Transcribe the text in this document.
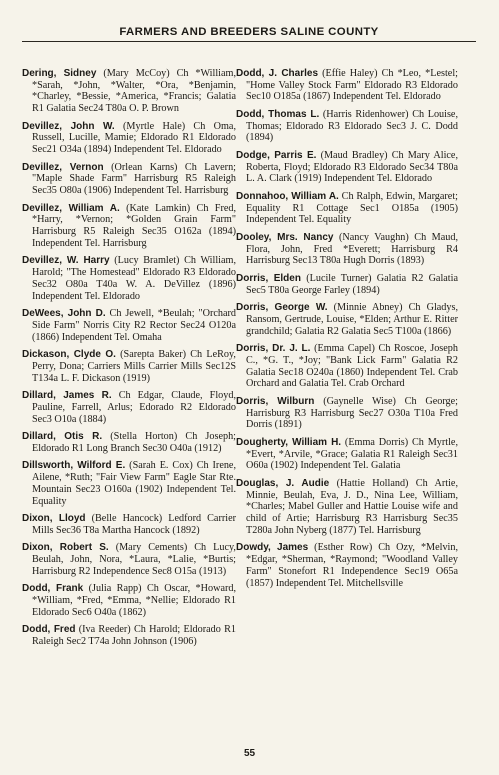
FARMERS AND BREEDERS SALINE COUNTY

Dering, Sidney (Mary McCoy) Ch *William, *Sarah, *John, *Walter, *Ora, *Benjamin, *Charley, *Bessie, *America, *Francis; Galatia R1 Galatia Sec24 T80a O. P. Brown

Devillez, John W. (Myrtle Hale) Ch Oma, Russell, Lucille, Mamie; Eldorado R1 Eldorado Sec21 O34a (1894) Independent Tel. Eldorado

Devillez, Vernon (Orlean Karns) Ch Lavern; "Maple Shade Farm" Harrisburg R5 Raleigh Sec35 O80a (1906) Independent Tel. Harrisburg

Devillez, William A. (Kate Lamkin) Ch Fred, *Harry, *Vernon; *Golden Grain Farm" Harrisburg R5 Raleigh Sec35 O162a (1894) Independent Tel. Harrisburg

Devillez, W. Harry (Lucy Bramlet) Ch William, Harold; "The Homestead" Eldorado R3 Eldorado Sec32 O80a T40a W. A. DeVillez (1896) Independent Tel. Eldorado

DeWees, John D. Ch Jewell, *Beulah; "Orchard Side Farm" Norris City R2 Rector Sec24 O120a (1866) Independent Tel. Omaha

Dickason, Clyde O. (Sarepta Baker) Ch LeRoy, Perry, Dona; Carriers Mills Carrier Mills Sec12S T134a L. F. Dickason (1919)

Dillard, James R. Ch Edgar, Claude, Floyd, Pauline, Farrell, Arlus; Edorado R2 Eldorado Sec3 O10a (1884)

Dillard, Otis R. (Stella Horton) Ch Joseph; Eldorado R1 Long Branch Sec30 O40a (1912)

Dillsworth, Wilford E. (Sarah E. Cox) Ch Irene, Ailene, *Ruth; "Fair View Farm" Eagle Star Rte. Mountain Sec23 O160a (1902) Independent Tel. Equality

Dixon, Lloyd (Belle Hancock) Ledford Carrier Mills Sec36 T8a Martha Hancock (1892)

Dixon, Robert S. (Mary Cements) Ch Lucy, Beulah, John, Nora, *Laura, *Lalie, *Burtis; Harrisburg R2 Independence Sec8 O15a (1913)

Dodd, Frank (Julia Rapp) Ch Oscar, *Howard, *William, *Fred, *Emma, *Nellie; Eldorado R1 Eldorado Sec6 O40a (1862)

Dodd, Fred (Iva Reeder) Ch Harold; Eldorado R1 Raleigh Sec2 T74a John Johnson (1906)

Dodd, J. Charles (Effie Haley) Ch *Leo, *Lestel; "Home Valley Stock Farm" Eldorado R3 Eldorado Sec10 O185a (1867) Independent Tel. Eldorado

Dodd, Thomas L. (Harris Ridenhower) Ch Louise, Thomas; Eldorado R3 Eldorado Sec3 J. C. Dodd (1894)

Dodge, Parris E. (Maud Bradley) Ch Mary Alice, Roberta, Floyd; Eldorado R3 Eldorado Sec34 T80a L. A. Clark (1919) Independent Tel. Eldorado

Donnahoo, William A. Ch Ralph, Edwin, Margaret; Equality R1 Cottage Sec1 O185a (1905) Independent Tel. Equality

Dooley, Mrs. Nancy (Nancy Vaughn) Ch Maud, Flora, John, Fred *Everett; Harrisburg R4 Harrisburg Sec13 T80a Hugh Dorris (1893)

Dorris, Elden (Lucile Turner) Galatia R2 Galatia Sec5 T80a George Farley (1894)

Dorris, George W. (Minnie Abney) Ch Gladys, Ransom, Gertrude, Louise, *Elden; Arthur E. Ritter grandchild; Galatia R2 Galatia Sec5 T100a (1866)

Dorris, Dr. J. L. (Emma Capel) Ch Roscoe, Joseph C., *G. T., *Joy; "Bank Lick Farm" Galatia R2 Galatia Sec18 O240a (1860) Independent Tel. Crab Orchard and Galatia Tel. Crab Orchard

Dorris, Wilburn (Gaynelle Wise) Ch George; Harrisburg R3 Harrisburg Sec27 O30a T10a Fred Dorris (1891)

Dougherty, William H. (Emma Dorris) Ch Myrtle, *Evert, *Arvile, *Grace; Galatia R1 Raleigh Sec31 O60a (1902) Independent Tel. Galatia

Douglas, J. Audie (Hattie Holland) Ch Artie, Minnie, Beulah, Eva, J. D., Nina Lee, William, *Charles; Mabel Guller and Hattie Louise wife and child of Artie; Harrisburg R3 Harrisburg Sec35 T280a John Nyberg (1877) Tel. Harrisburg

Dowdy, James (Esther Row) Ch Ozy, *Melvin, *Edgar, *Sherman, *Raymond; "Woodland Valley Farm" Stonefort R1 Independence Sec19 O65a (1857) Independent Tel. Mitchellsville

55
